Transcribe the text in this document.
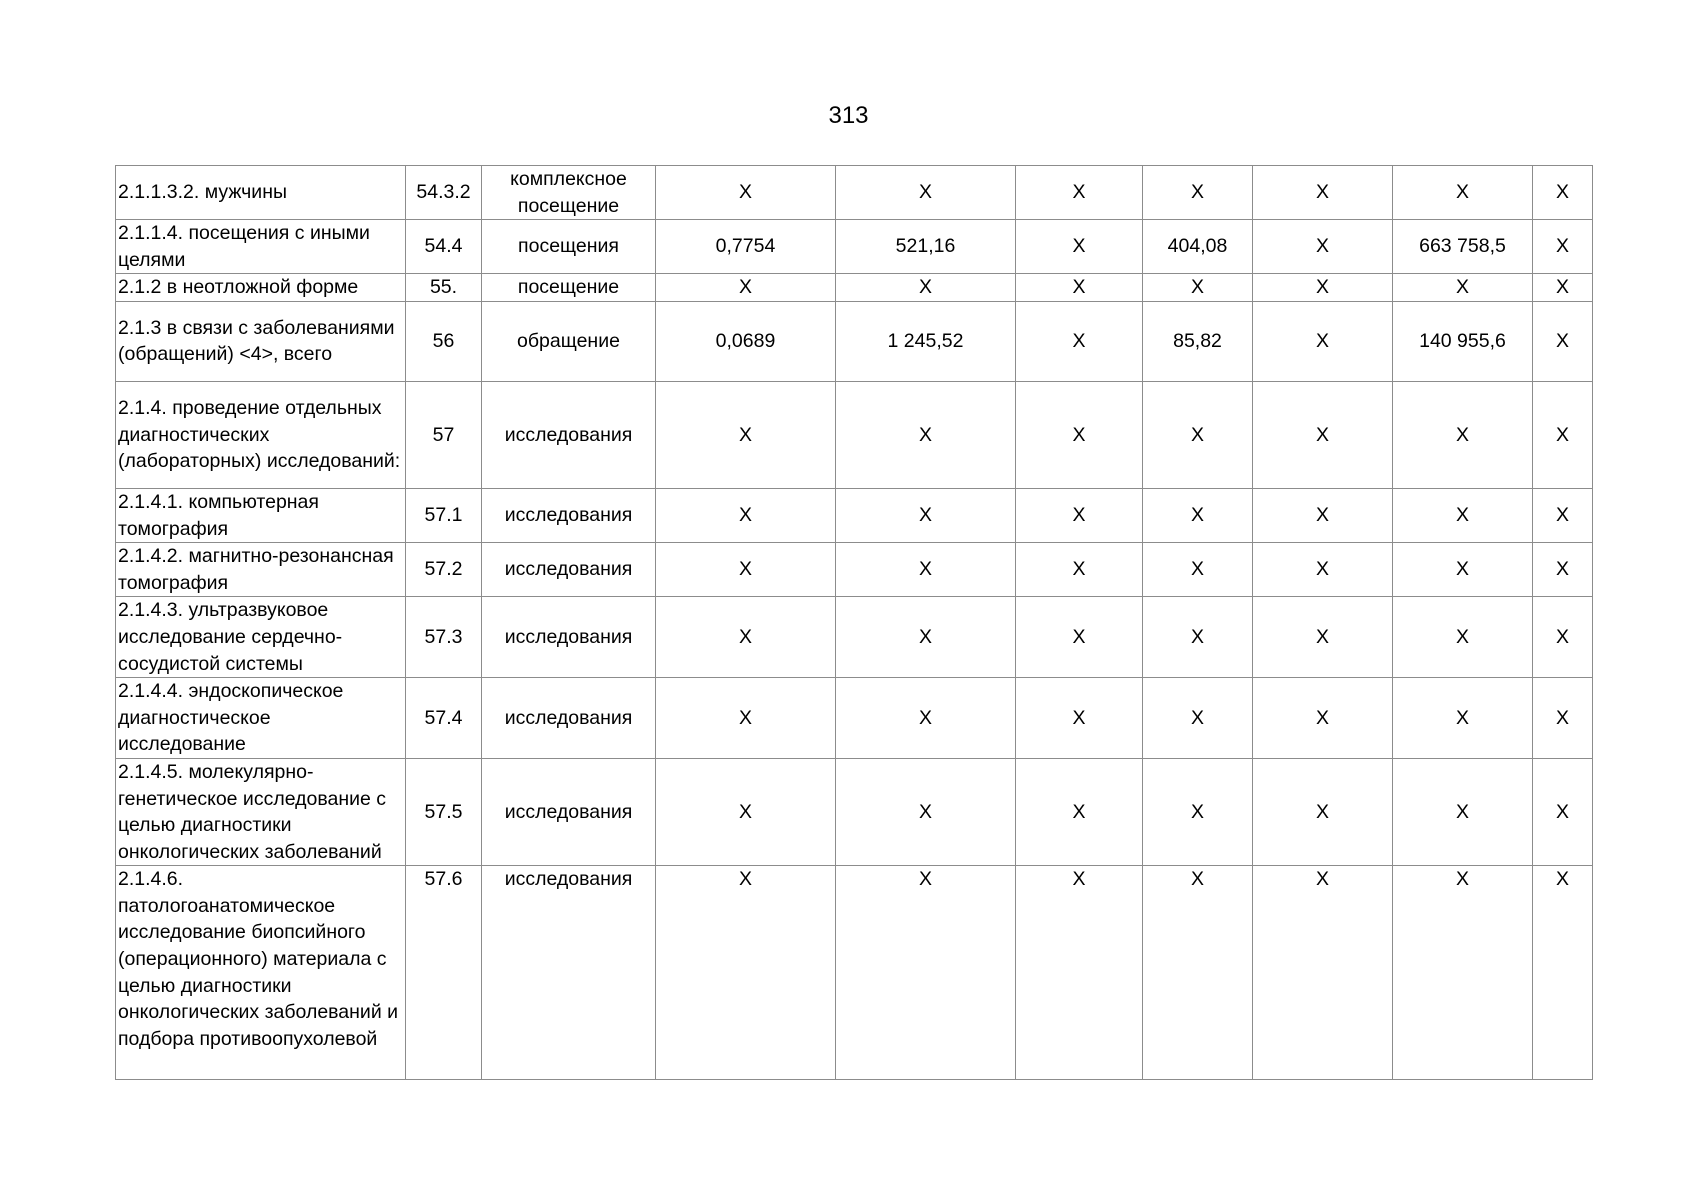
313
2.1.1.3.2. мужчины	54.3.2	комплексное посещение	X	X	X	X	X	X	X
2.1.1.4. посещения с иными целями	54.4	посещения	0,7754	521,16	X	404,08	X	663 758,5	X
2.1.2 в неотложной форме	55.	посещение	X	X	X	X	X	X	X
2.1.3 в связи с заболеваниями (обращений) <4>, всего	56	обращение	0,0689	1 245,52	X	85,82	X	140 955,6	X
2.1.4. проведение отдельных диагностических (лабораторных) исследований:	57	исследования	X	X	X	X	X	X	X
2.1.4.1. компьютерная томография	57.1	исследования	X	X	X	X	X	X	X
2.1.4.2. магнитно-резонансная томография	57.2	исследования	X	X	X	X	X	X	X
2.1.4.3. ультразвуковое исследование сердечно-сосудистой системы	57.3	исследования	X	X	X	X	X	X	X
2.1.4.4. эндоскопическое диагностическое исследование	57.4	исследования	X	X	X	X	X	X	X
2.1.4.5. молекулярно-генетическое исследование с целью диагностики онкологических заболеваний	57.5	исследования	X	X	X	X	X	X	X
2.1.4.6. патологоанатомическое исследование биопсийного (операционного) материала с целью диагностики онкологических заболеваний и подбора противоопухолевой	57.6	исследования	X	X	X	X	X	X	X
